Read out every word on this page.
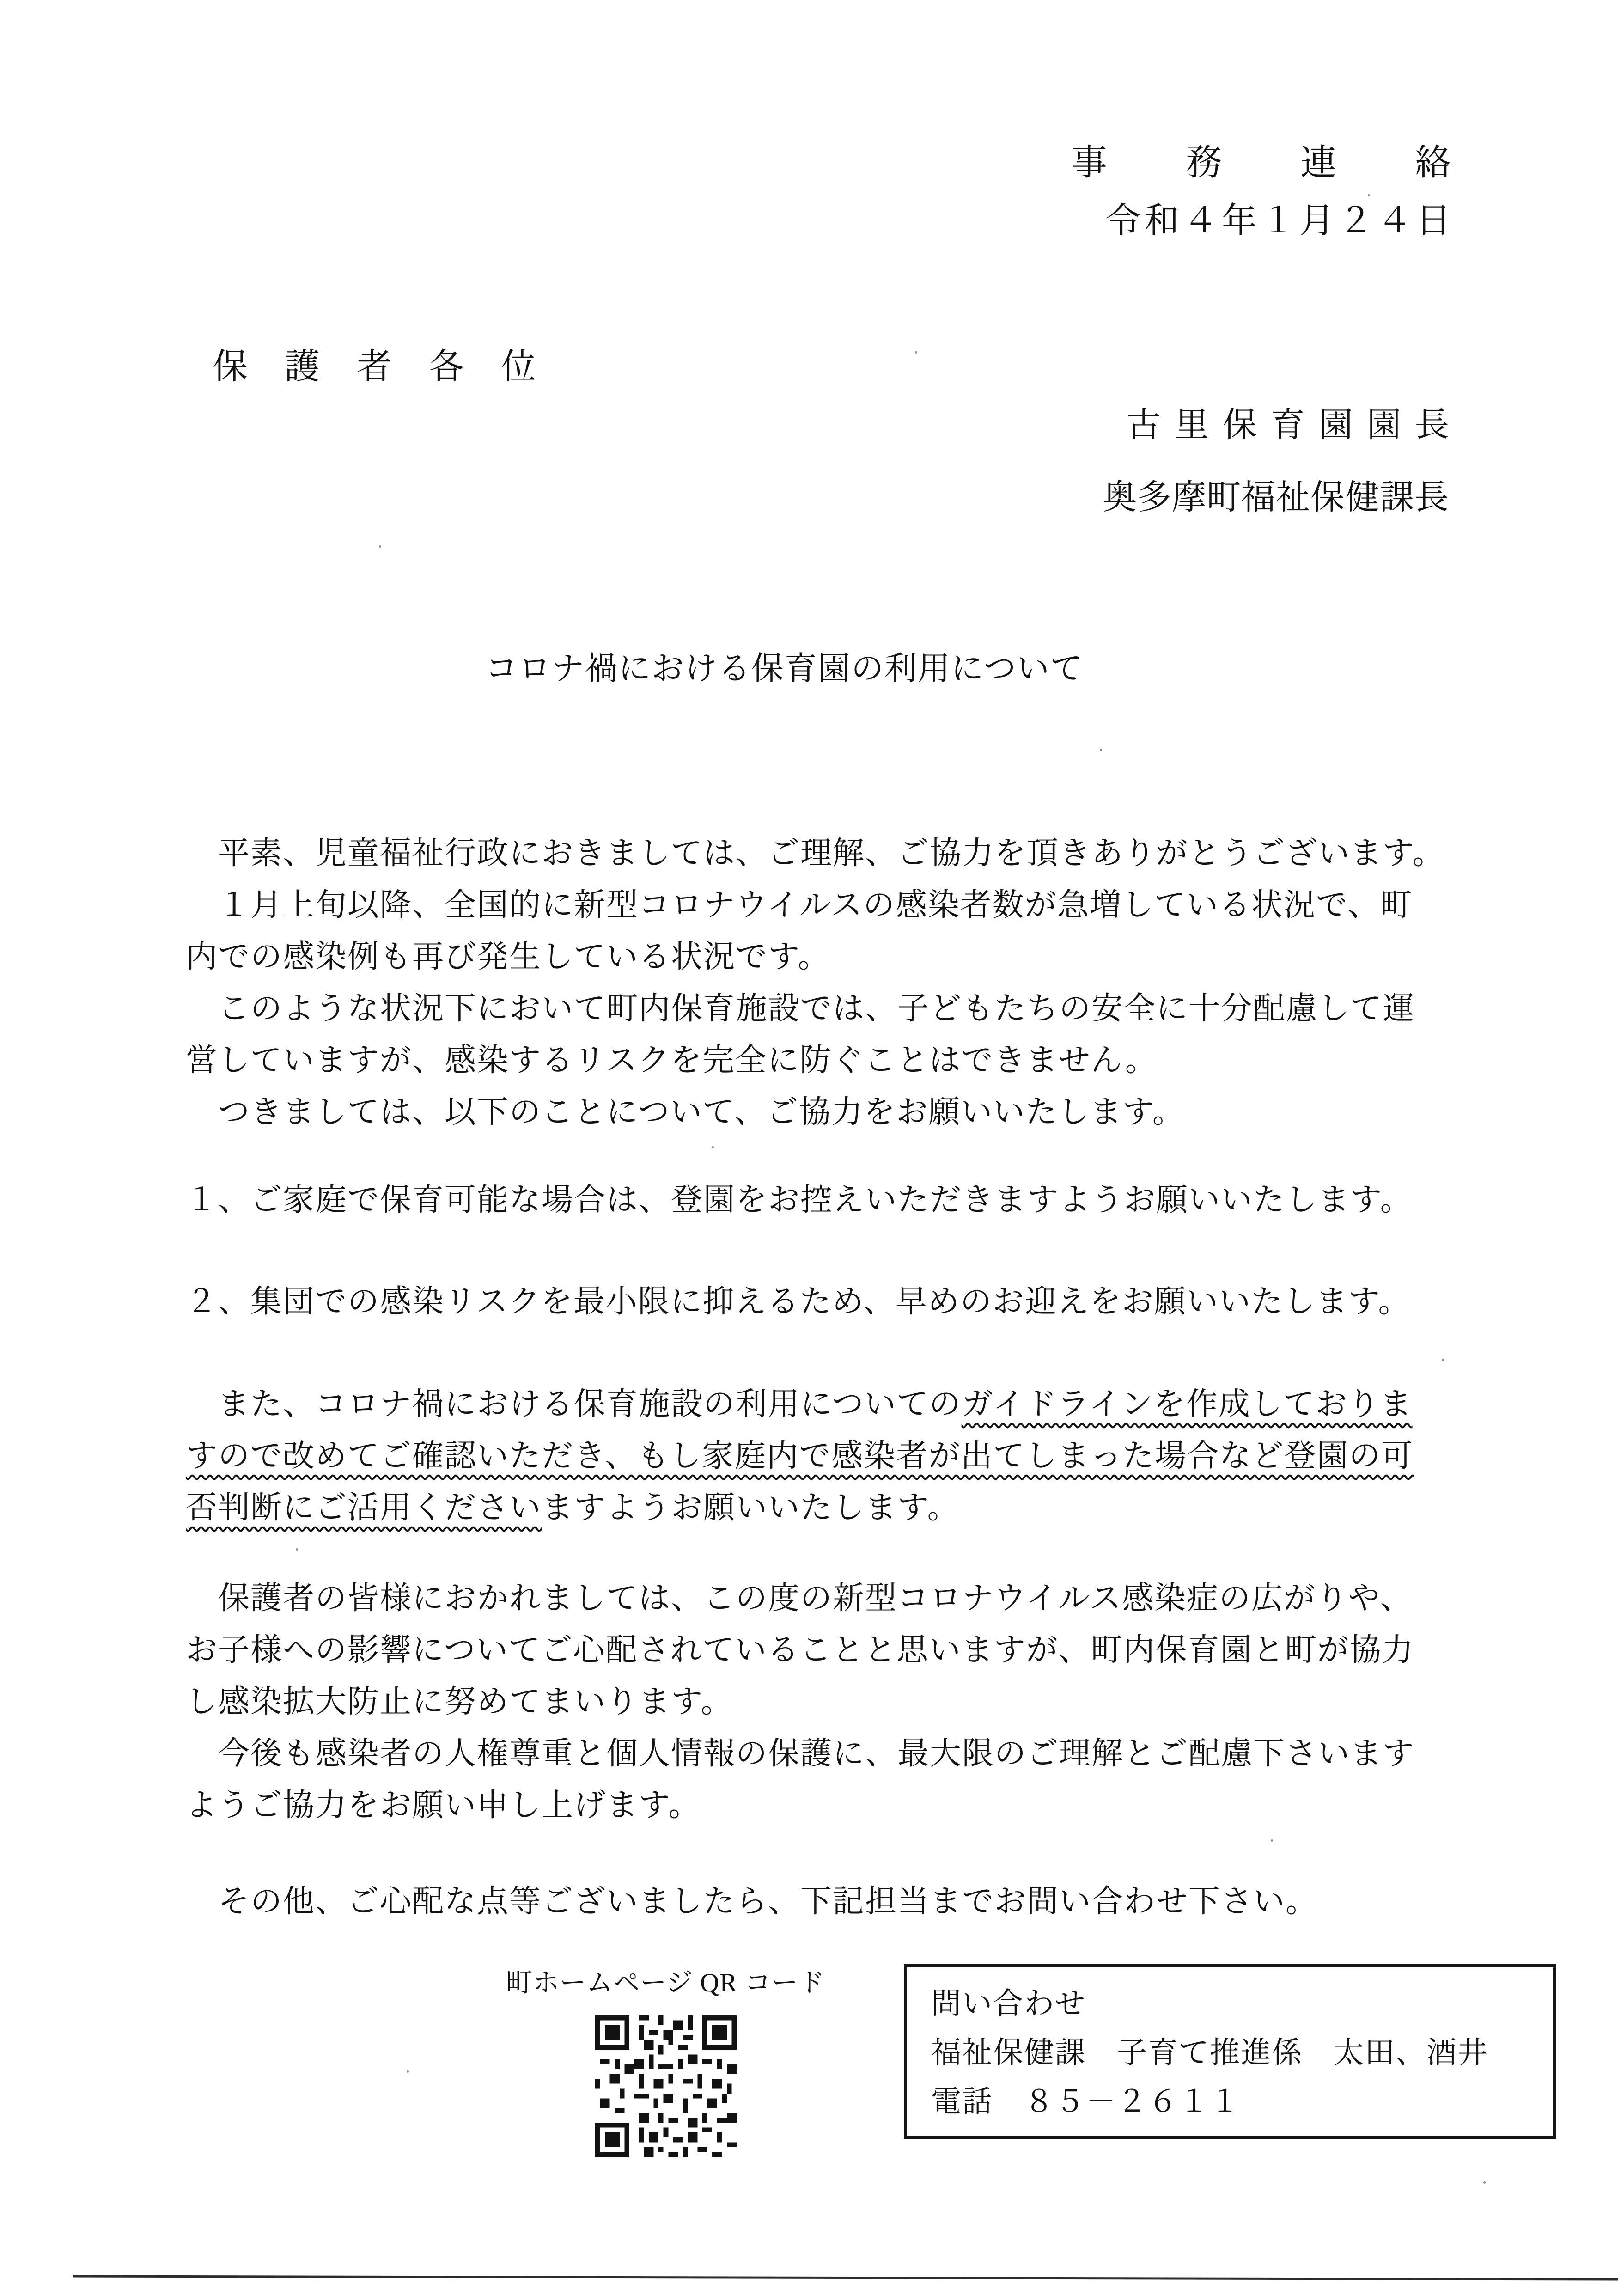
事　務　連　絡
令和４年１月２４日
保　護　者　各　位
古里保育園園長
奥多摩町福祉保健課長
コロナ禍における保育園の利用について
　平素、児童福祉行政におきましては、ご理解、ご協力を頂きありがとうございます。
　１月上旬以降、全国的に新型コロナウイルスの感染者数が急増している状況で、町
内での感染例も再び発生している状況です。
　このような状況下において町内保育施設では、子どもたちの安全に十分配慮して運
営していますが、感染するリスクを完全に防ぐことはできません。
　つきましては、以下のことについて、ご協力をお願いいたします。
１、ご家庭で保育可能な場合は、登園をお控えいただきますようお願いいたします。
２、集団での感染リスクを最小限に抑えるため、早めのお迎えをお願いいたします。
　また、コロナ禍における保育施設の利用についてのガイドラインを作成しておりま
すので改めてご確認いただき、もし家庭内で感染者が出てしまった場合など登園の可
否判断にご活用くださいますようお願いいたします。
　保護者の皆様におかれましては、この度の新型コロナウイルス感染症の広がりや、
お子様への影響についてご心配されていることと思いますが、町内保育園と町が協力
し感染拡大防止に努めてまいります。
　今後も感染者の人権尊重と個人情報の保護に、最大限のご理解とご配慮下さいます
ようご協力をお願い申し上げます。
　その他、ご心配な点等ございましたら、下記担当までお問い合わせ下さい。
町ホームページ QR コード
問い合わせ
福祉保健課　子育て推進係　太田、酒井
電話　８５－２６１１
